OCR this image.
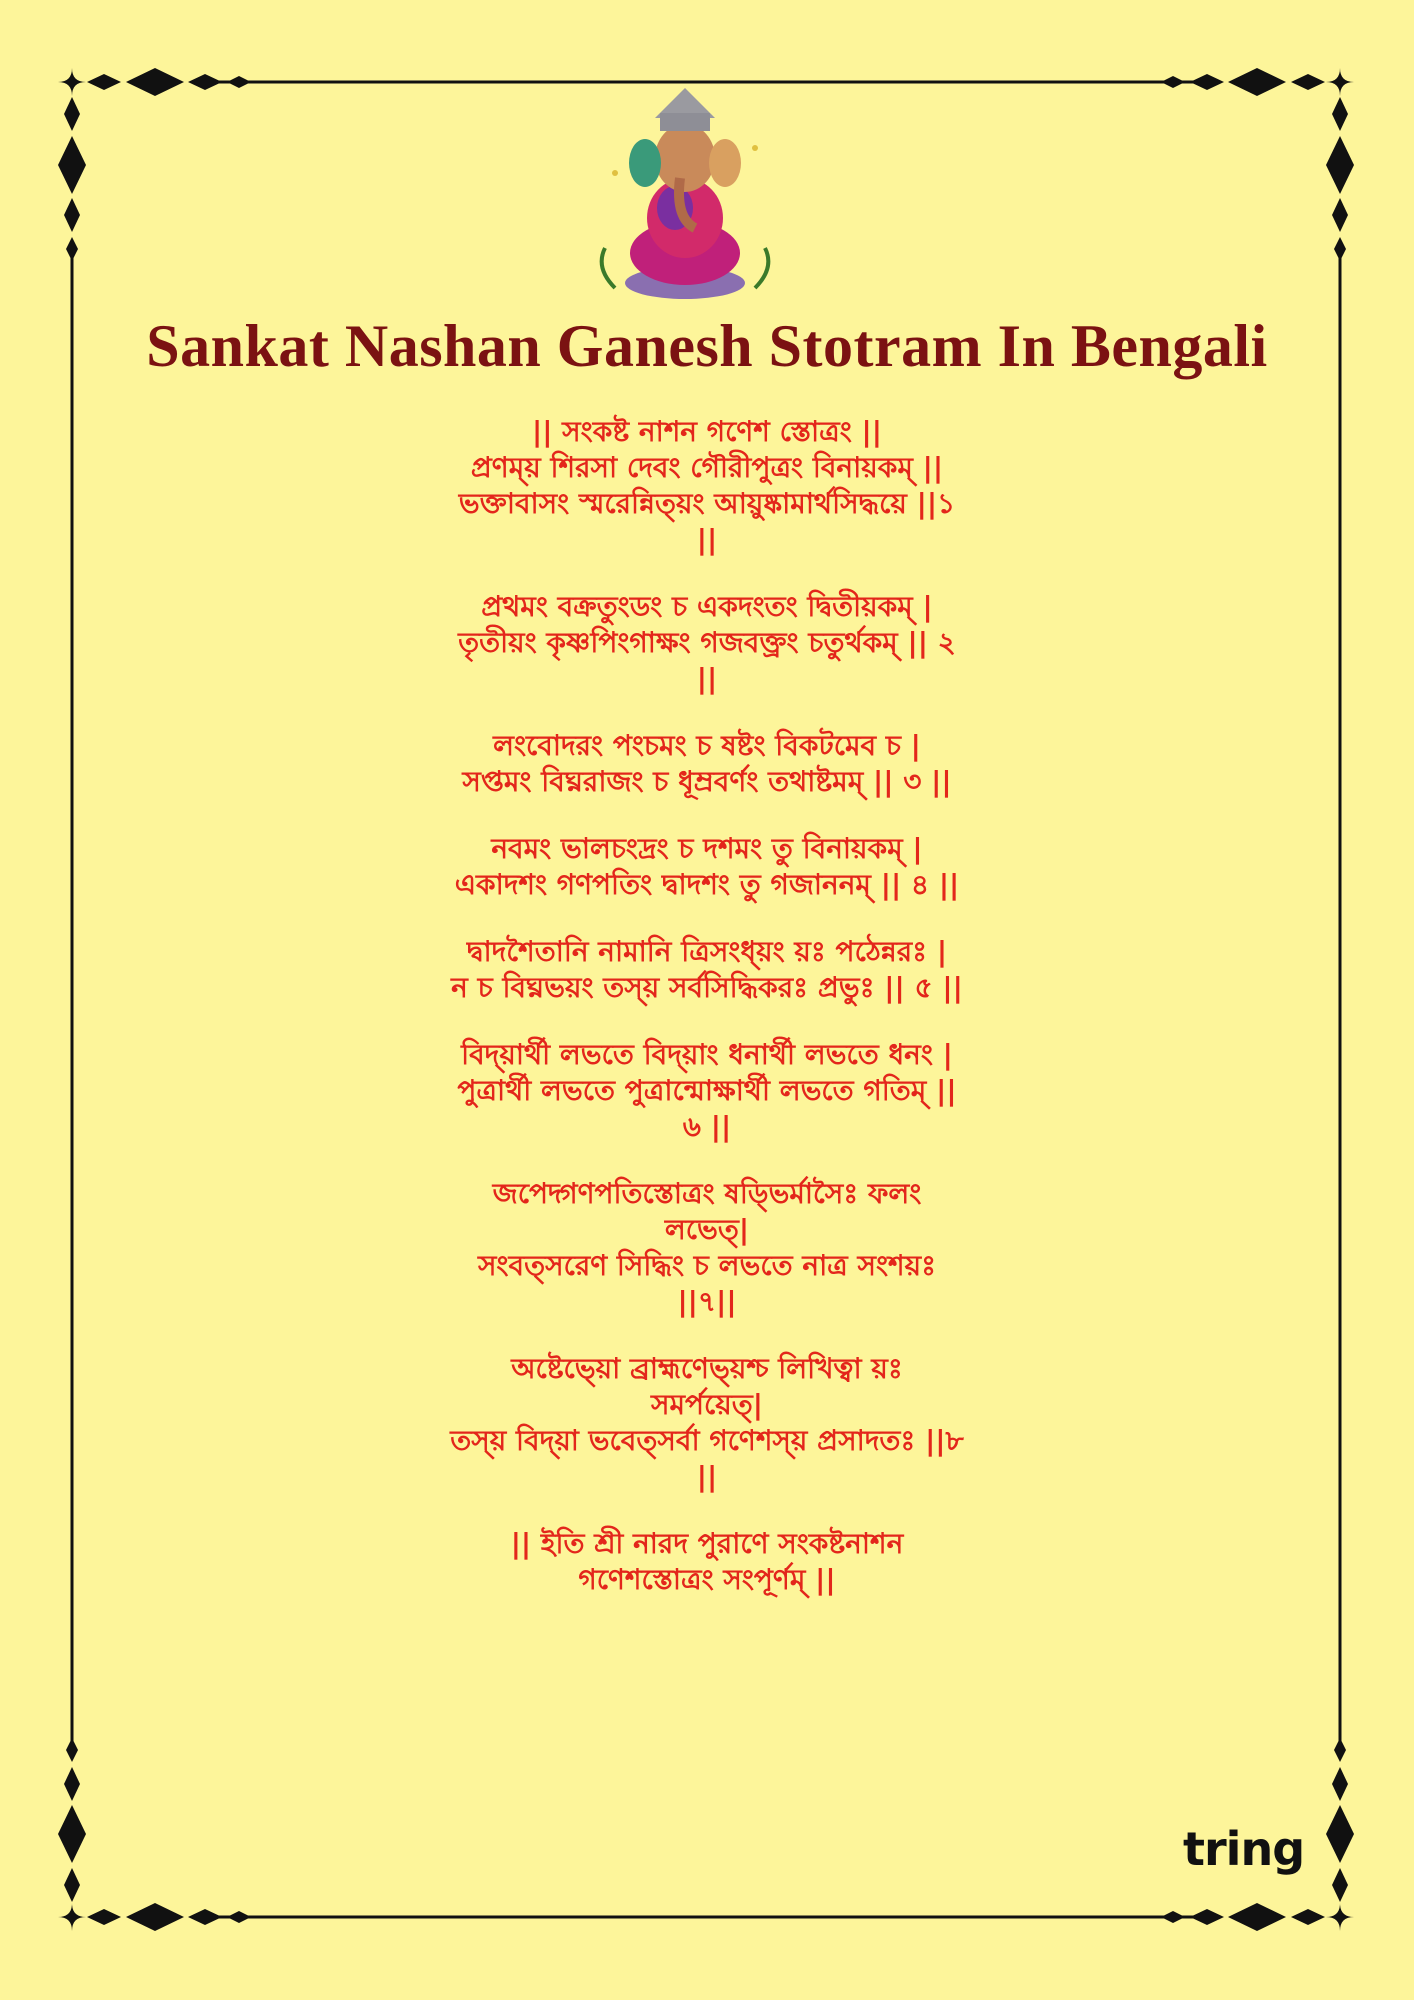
Sankat Nashan Ganesh Stotram In Bengali
|| সংকষ্ট নাশন গণেশ স্তোত্রং ||
প্রণম্য় শিরসা দেবং গৌরীপুত্রং বিনায়কম্ ||
ভক্তাবাসং স্মরেন্নিত্য়ং আয়ুষ্কামার্থসিদ্ধয়ে ||১
||
প্রথমং বক্রতুংডং চ একদংতং দ্বিতীয়কম্ |
তৃতীয়ং কৃষ্ণপিংগাক্ষং গজবক্ত্রং চতুর্থকম্ || ২
||
লংবোদরং পংচমং চ ষষ্টং বিকটমেব চ |
সপ্তমং বিঘ্নরাজং চ ধূম্রবর্ণং তথাষ্টমম্ || ৩ ||
নবমং ভালচংদ্রং চ দশমং তু বিনায়কম্ |
একাদশং গণপতিং দ্বাদশং তু গজাননম্ || ৪ ||
দ্বাদশৈতানি নামানি ত্রিসংধ্য়ং য়ঃ পঠেন্নরঃ |
ন চ বিঘ্নভয়ং তস্য় সর্বসিদ্ধিকরঃ প্রভুঃ || ৫ ||
বিদ্য়ার্থী লভতে বিদ্য়াং ধনার্থী লভতে ধনং |
পুত্রার্থী লভতে পুত্রান্মোক্ষার্থী লভতে গতিম্ ||
৬ ||
জপেদ্গণপতিস্তোত্রং ষড্ভির্মাসৈঃ ফলং
লভেত্|
সংবত্সরেণ সিদ্ধিং চ লভতে নাত্র সংশয়ঃ
||৭||
অষ্টেভ্য়ো ব্রাহ্মণেভ্য়শ্চ লিখিত্বা য়ঃ
সমর্পয়েত্|
তস্য় বিদ্য়া ভবেত্সর্বা গণেশস্য় প্রসাদতঃ ||৮
||
|| ইতি শ্রী নারদ পুরাণে সংকষ্টনাশন
গণেশস্তোত্রং সংপূর্ণম্ ||
tring
